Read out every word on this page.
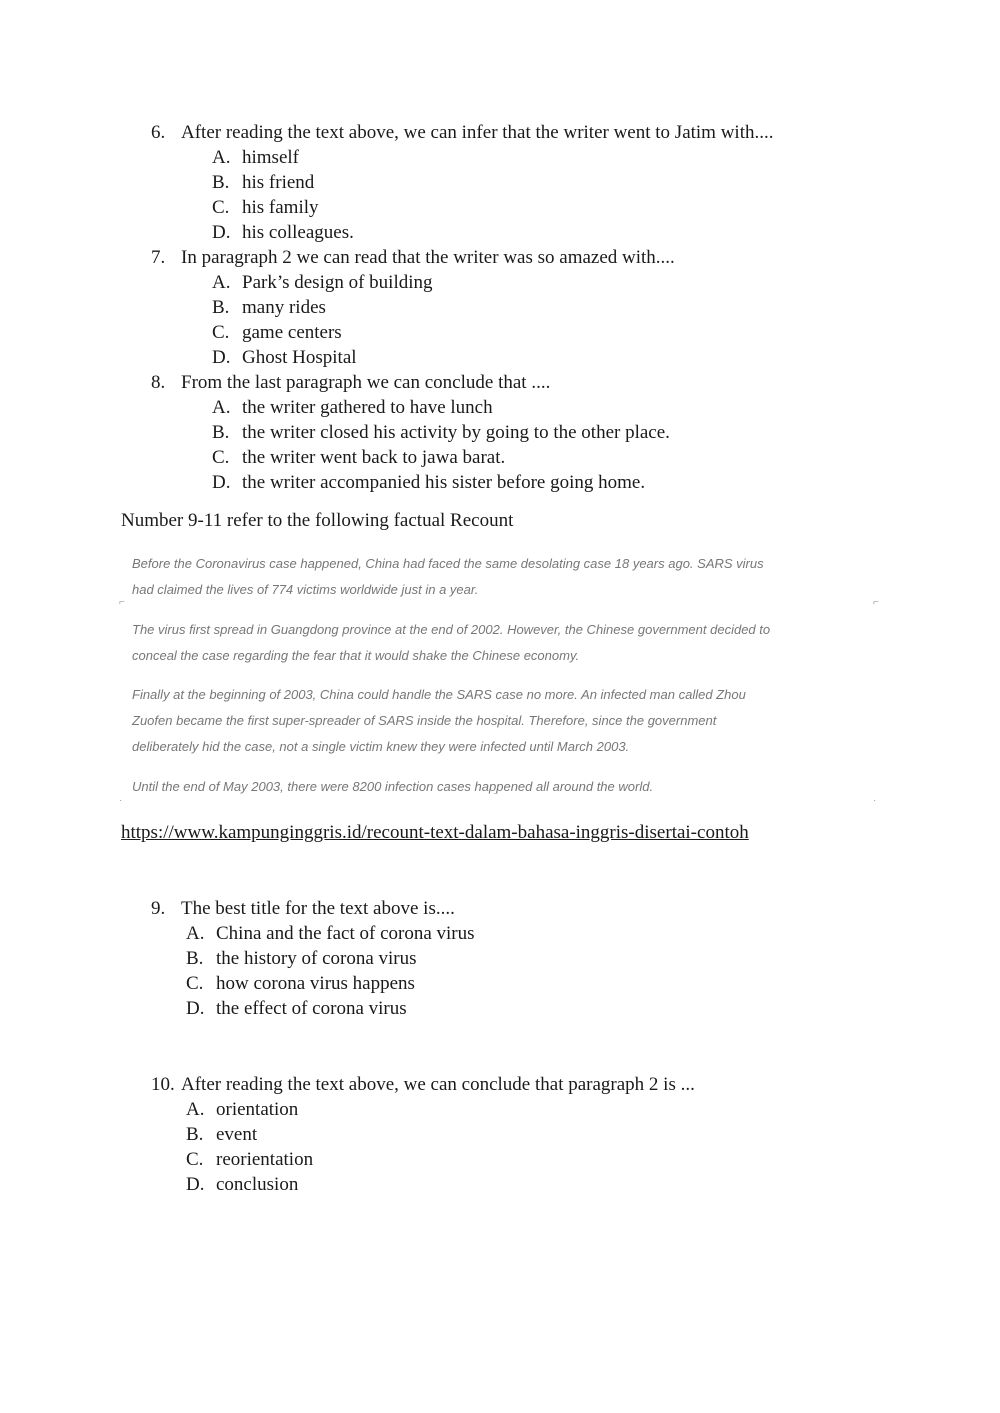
6. After reading the text above, we can infer that the writer went to Jatim with....
A. himself
B. his friend
C. his family
D. his colleagues.
7. In paragraph 2 we can read that the writer was so amazed with....
A. Park’s design of building
B. many rides
C. game centers
D. Ghost Hospital
8. From the last paragraph we can conclude that ....
A. the writer gathered to have lunch
B. the writer closed his activity by going to the other place.
C. the writer went back to jawa barat.
D. the writer accompanied his sister before going home.
Number 9-11 refer to the following factual Recount
Before the Coronavirus case happened, China had faced the same desolating case 18 years ago. SARS virus
had claimed the lives of 774 victims worldwide just in a year.
The virus first spread in Guangdong province at the end of 2002. However, the Chinese government decided to
conceal the case regarding the fear that it would shake the Chinese economy.
Finally at the beginning of 2003, China could handle the SARS case no more. An infected man called Zhou
Zuofen became the first super-spreader of SARS inside the hospital. Therefore, since the government
deliberately hid the case, not a single victim knew they were infected until March 2003.
Until the end of May 2003, there were 8200 infection cases happened all around the world.
⌐	⌐
·	‾	·
https://www.kampunginggris.id/recount-text-dalam-bahasa-inggris-disertai-contoh
9. The best title for the text above is....
A. China and the fact of corona virus
B. the history of corona virus
C. how corona virus happens
D. the effect of corona virus
10. After reading the text above, we can conclude that paragraph 2 is ...
A. orientation
B. event
C. reorientation
D. conclusion
